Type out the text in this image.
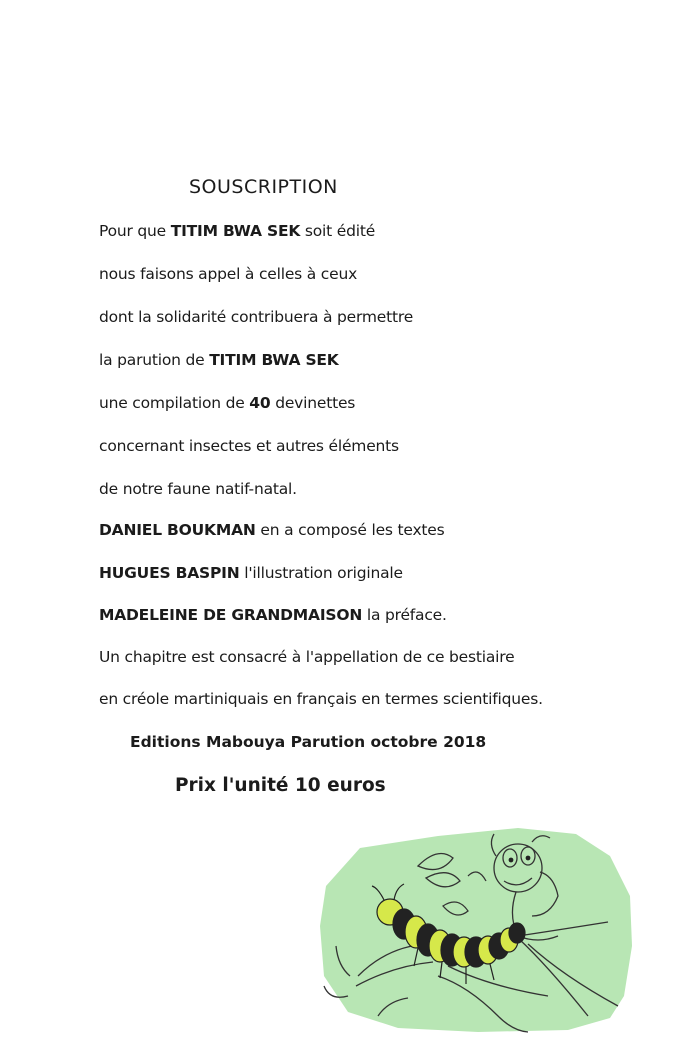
SOUSCRIPTION
Pour que TITIM BWA SEK soit édité
nous faisons appel à celles à ceux
dont la solidarité contribuera à permettre
la parution de TITIM BWA SEK
une compilation de 40 devinettes
concernant insectes et autres éléments
de notre faune natif-natal.
DANIEL BOUKMAN en a composé les textes
HUGUES BASPIN l'illustration originale
MADELEINE DE GRANDMAISON la préface.
Un chapitre est consacré à l'appellation de ce bestiaire
en créole martiniquais en français en termes scientifiques.
Editions Mabouya Parution octobre 2018
Prix l'unité 10 euros
